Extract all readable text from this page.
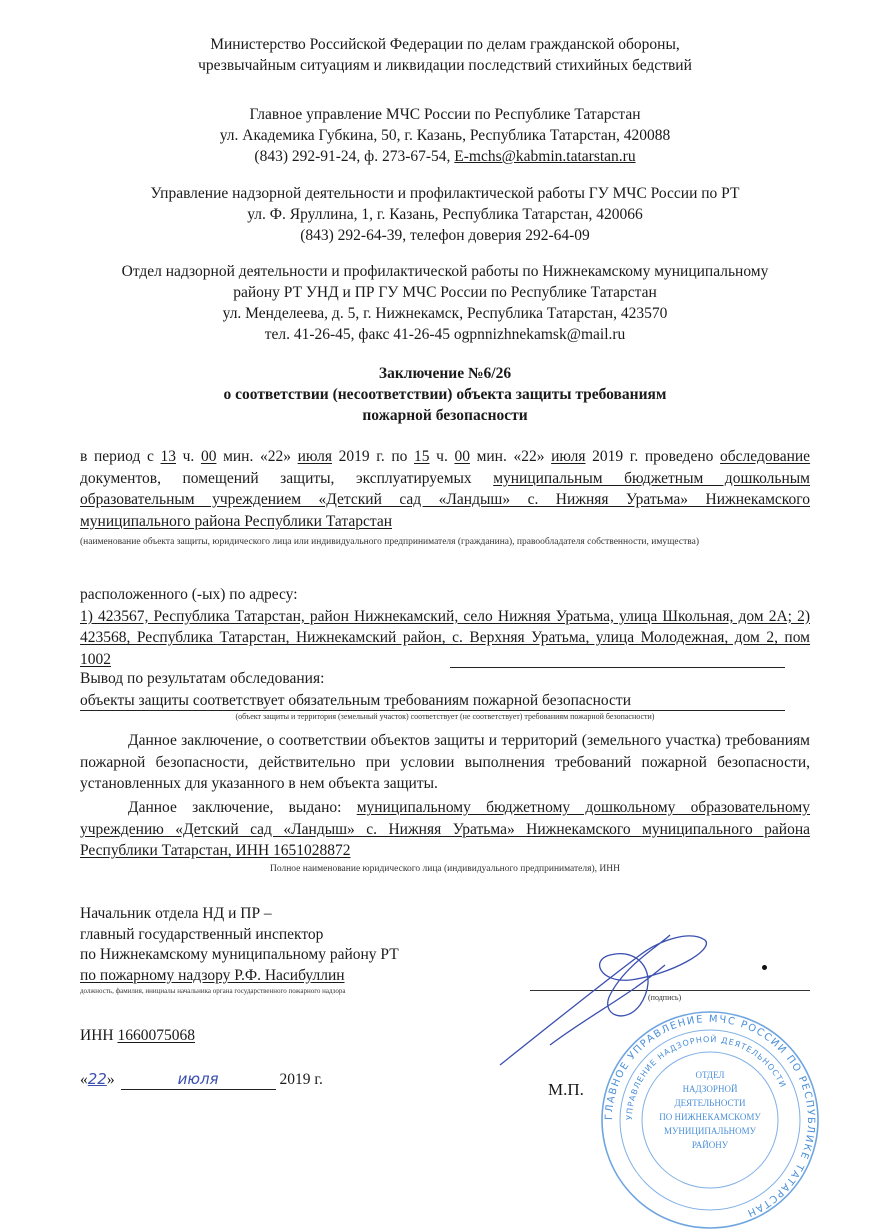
Министерство Российской Федерации по делам гражданской обороны,
чрезвычайным ситуациям и ликвидации последствий стихийных бедствий
Главное управление МЧС России по Республике Татарстан
ул. Академика Губкина, 50, г. Казань, Республика Татарстан, 420088
(843) 292-91-24, ф. 273-67-54, E-mchs@kabmin.tatarstan.ru
Управление надзорной деятельности и профилактической работы ГУ МЧС России по РТ
ул. Ф. Яруллина, 1, г. Казань, Республика Татарстан, 420066
(843) 292-64-39, телефон доверия 292-64-09
Отдел надзорной деятельности и профилактической работы по Нижнекамскому муниципальному
району РТ УНД и ПР ГУ МЧС России по Республике Татарстан
ул. Менделеева, д. 5, г. Нижнекамск, Республика Татарстан, 423570
тел. 41-26-45, факс 41-26-45 ogpnnizhnekamsk@mail.ru
Заключение №6/26
о соответствии (несоответствии) объекта защиты требованиям
пожарной безопасности
в период с 13 ч. 00 мин. «22» июля 2019 г. по 15 ч. 00 мин. «22» июля 2019 г. проведено обследование документов, помещений защиты, эксплуатируемых муниципальным бюджетным дошкольным образовательным учреждением «Детский сад «Ландыш» с. Нижняя Уратьма» Нижнекамского муниципального района Республики Татарстан
(наименование объекта защиты, юридического лица или индивидуального предпринимателя (гражданина), правообладателя собственности, имущества)
расположенного (-ых) по адресу:
1) 423567, Республика Татарстан, район Нижнекамский, село Нижняя Уратьма, улица Школьная, дом 2А; 2) 423568, Республика Татарстан, Нижнекамский район, с. Верхняя Уратьма, улица Молодежная, дом 2, пом 1002
Вывод по результатам обследования:
объекты защиты соответствует обязательным требованиям пожарной безопасности
(объект защиты и территория (земельный участок) соответствует (не соответствует) требованиям пожарной безопасности)
Данное заключение, о соответствии объектов защиты и территорий (земельного участка) требованиям пожарной безопасности, действительно при условии выполнения требований пожарной безопасности, установленных для указанного в нем объекта защиты.
Данное заключение, выдано: муниципальному бюджетному дошкольному образовательному учреждению «Детский сад «Ландыш» с. Нижняя Уратьма» Нижнекамского муниципального района Республики Татарстан, ИНН 1651028872
Полное наименование юридического лица (индивидуального предпринимателя), ИНН
Начальник отдела НД и ПР –
главный государственный инспектор
по Нижнекамскому муниципальному району РТ
по пожарному надзору Р.Ф. Насибуллин
должность, фамилия, инициалы начальника органа государственного пожарного надзора
ИНН 1660075068
«22»	июля	2019 г.
(подпись)
ГЛАВНОЕ УПРАВЛЕНИЕ МЧС РОССИИ ПО РЕСПУБЛИКЕ ТАТАРСТАН
УПРАВЛЕНИЕ НАДЗОРНОЙ ДЕЯТЕЛЬНОСТИ
ОТДЕЛ
НАДЗОРНОЙ
ДЕЯТЕЛЬНОСТИ
ПО НИЖНЕКАМСКОМУ
МУНИЦИПАЛЬНОМУ
РАЙОНУ
М.П.
